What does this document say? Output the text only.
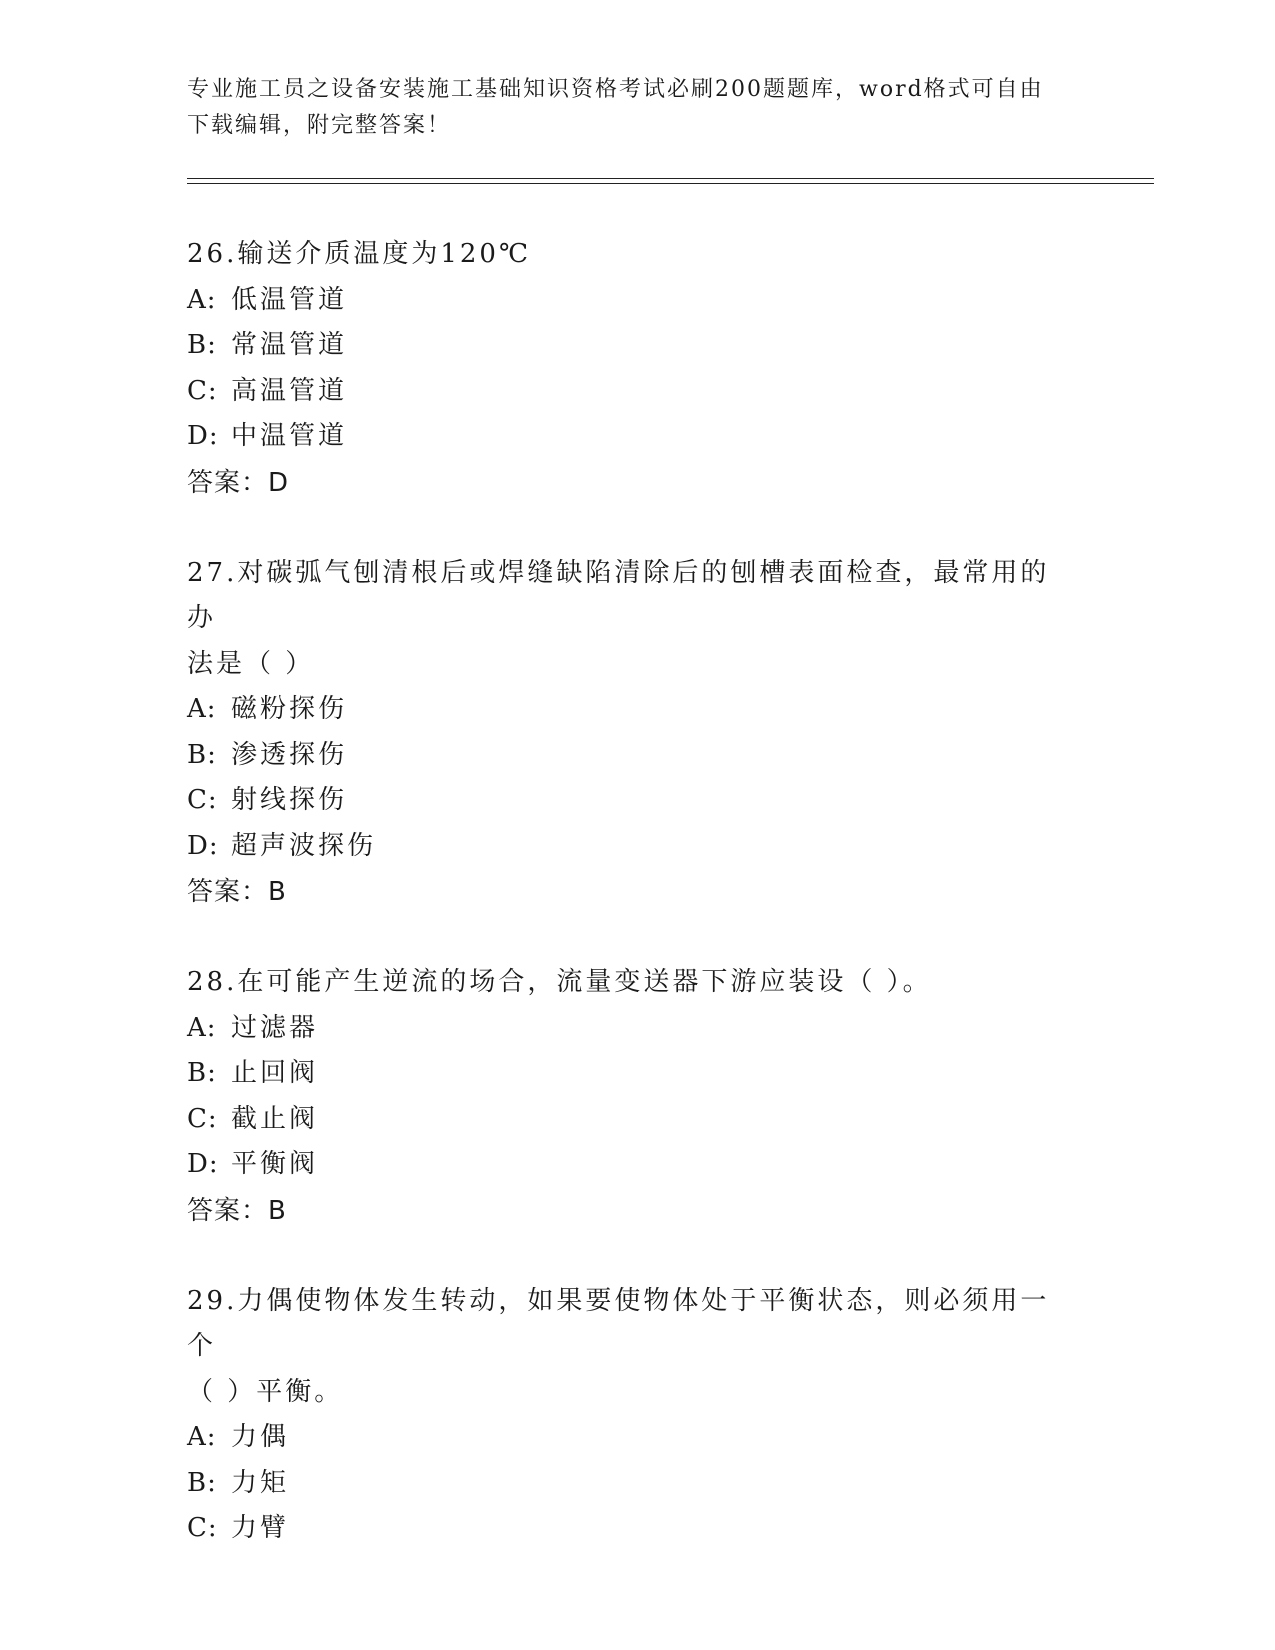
专业施工员之设备安装施工基础知识资格考试必刷200题题库，word格式可自由
下载编辑，附完整答案！
26.输送介质温度为120℃
A: 低温管道
B: 常温管道
C: 高温管道
D: 中温管道
答案：D
27.对碳弧气刨清根后或焊缝缺陷清除后的刨槽表面检查，最常用的办
法是（ ）
A: 磁粉探伤
B: 渗透探伤
C: 射线探伤
D: 超声波探伤
答案：B
28.在可能产生逆流的场合，流量变送器下游应装设（ ）。
A: 过滤器
B: 止回阀
C: 截止阀
D: 平衡阀
答案：B
29.力偶使物体发生转动，如果要使物体处于平衡状态，则必须用一个
（ ）平衡。
A: 力偶
B: 力矩
C: 力臂
